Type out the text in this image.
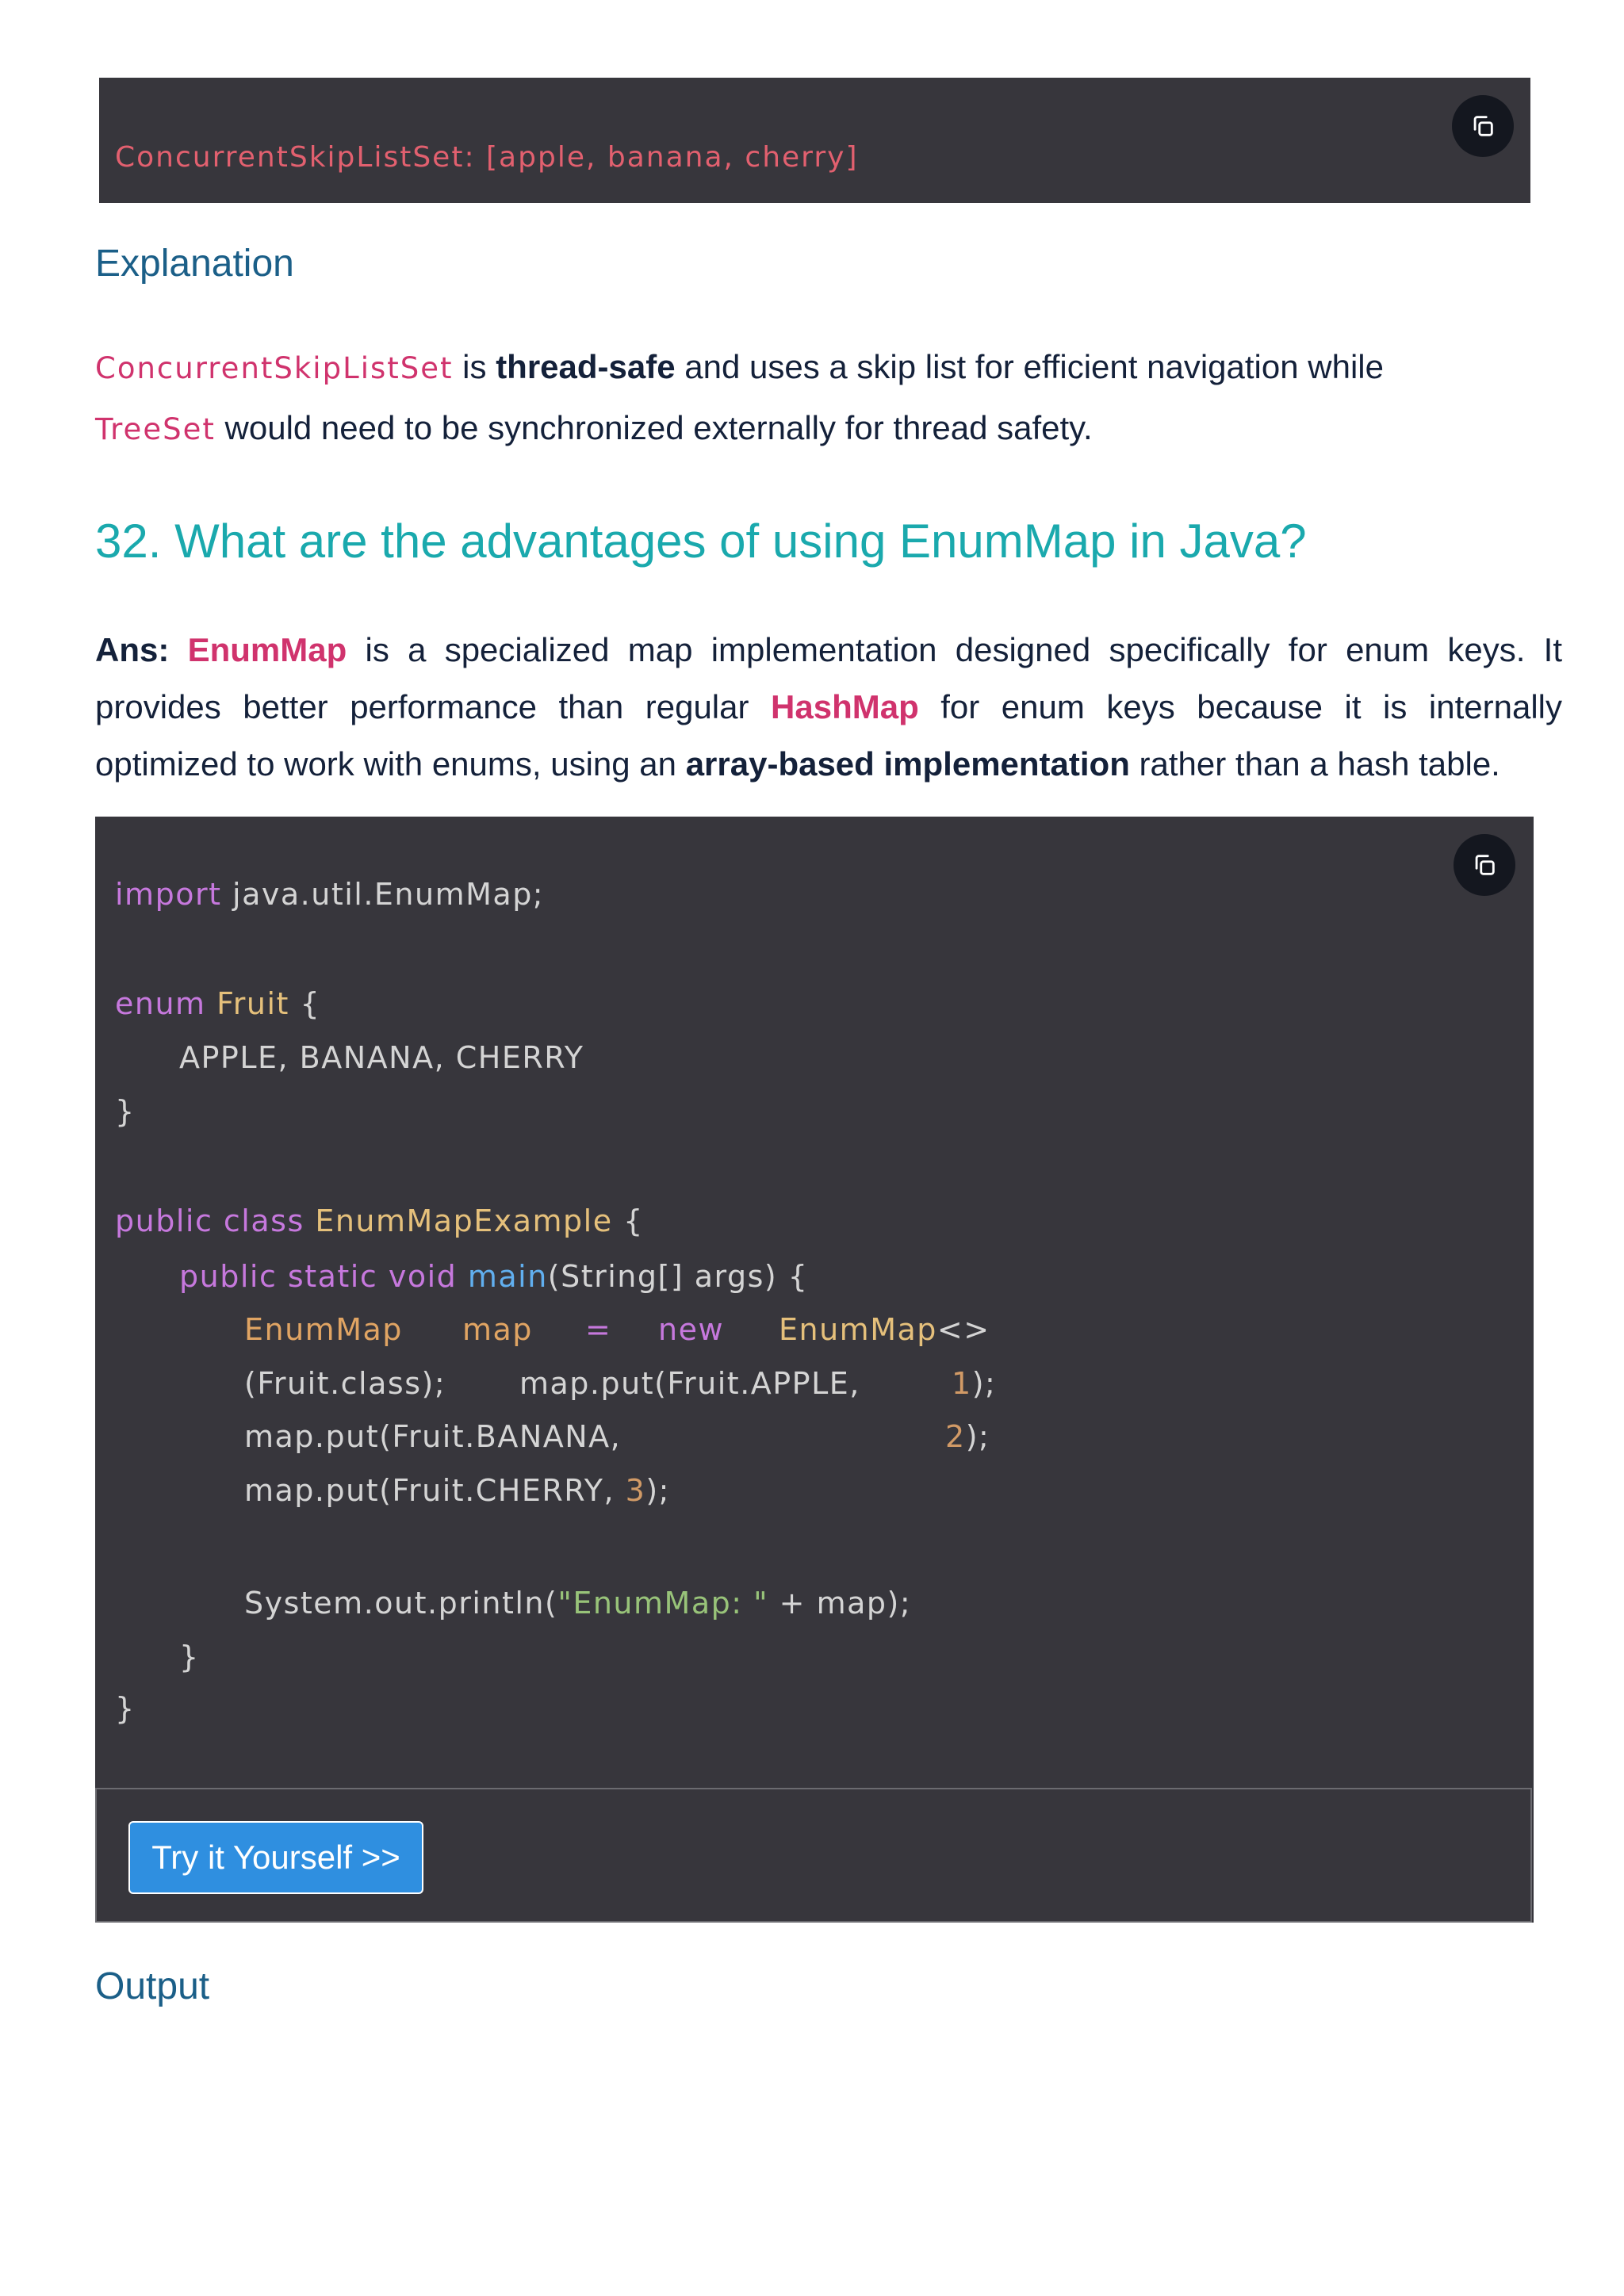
ConcurrentSkipListSet: [apple, banana, cherry]
Explanation

ConcurrentSkipListSet is thread-safe and uses a skip list for efficient navigation while
TreeSet would need to be synchronized externally for thread safety.

32. What are the advantages of using EnumMap in Java?

Ans: EnumMap is a specialized map implementation designed specifically for enum keys. It provides better performance than regular HashMap for enum keys because it is internally optimized to work with enums, using an array-based implementation rather than a hash table.

import java.util.EnumMap;
enum Fruit {
APPLE, BANANA, CHERRY
}
public class EnumMapExample {
public static void main(String[] args) {
EnumMap map = new EnumMap<>
(Fruit.class); map.put(Fruit.APPLE,	1);
map.put(Fruit.BANANA,	2);
map.put(Fruit.CHERRY, 3);
System.out.println("EnumMap: " + map);
}
}
Try it Yourself >>
Output
